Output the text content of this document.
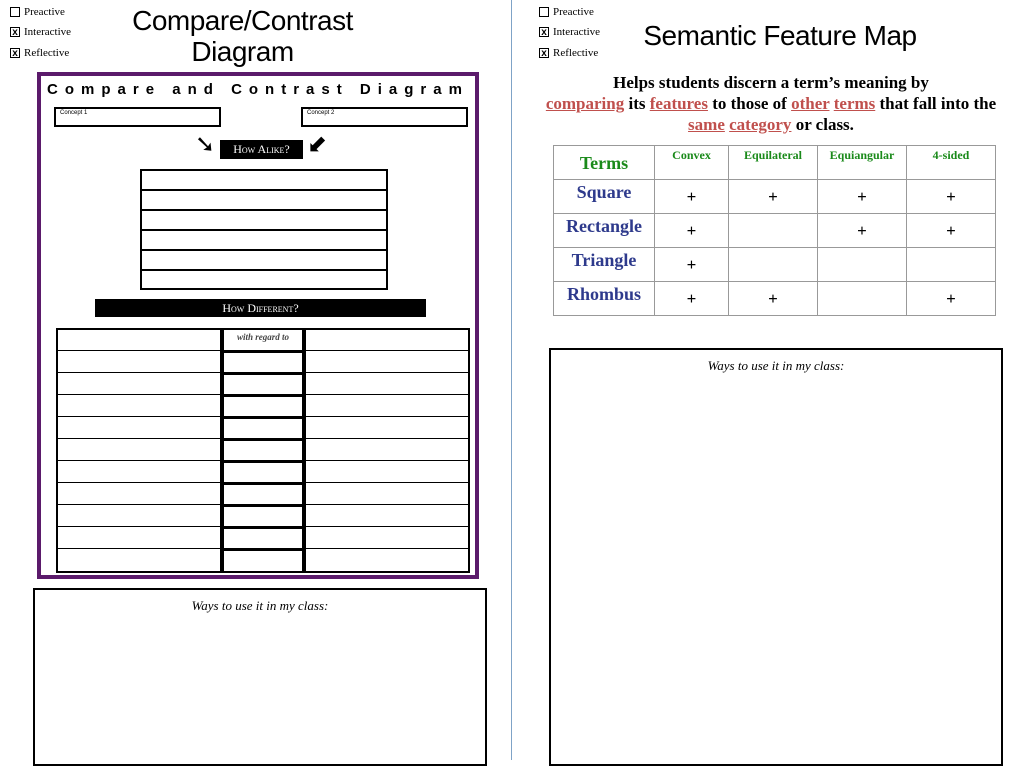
Preactive
x Interactive
x Reflective
Compare/Contrast
Diagram
Compare and Contrast Diagram
Concept 1	Concept 2
➘	⬋
How Alike?
How Different?
with regard to
Ways to use it in my class:
Preactive
x Interactive
x Reflective
Semantic Feature Map
Helps students discern a term’s meaning by
comparing its features to those of other terms that fall into the same category or class.
Terms	Convex	Equilateral	Equiangular	4-sided
Square	+	+	+	+
Rectangle	+		+	+
Triangle	+			
Rhombus	+	+		+
Ways to use it in my class:
